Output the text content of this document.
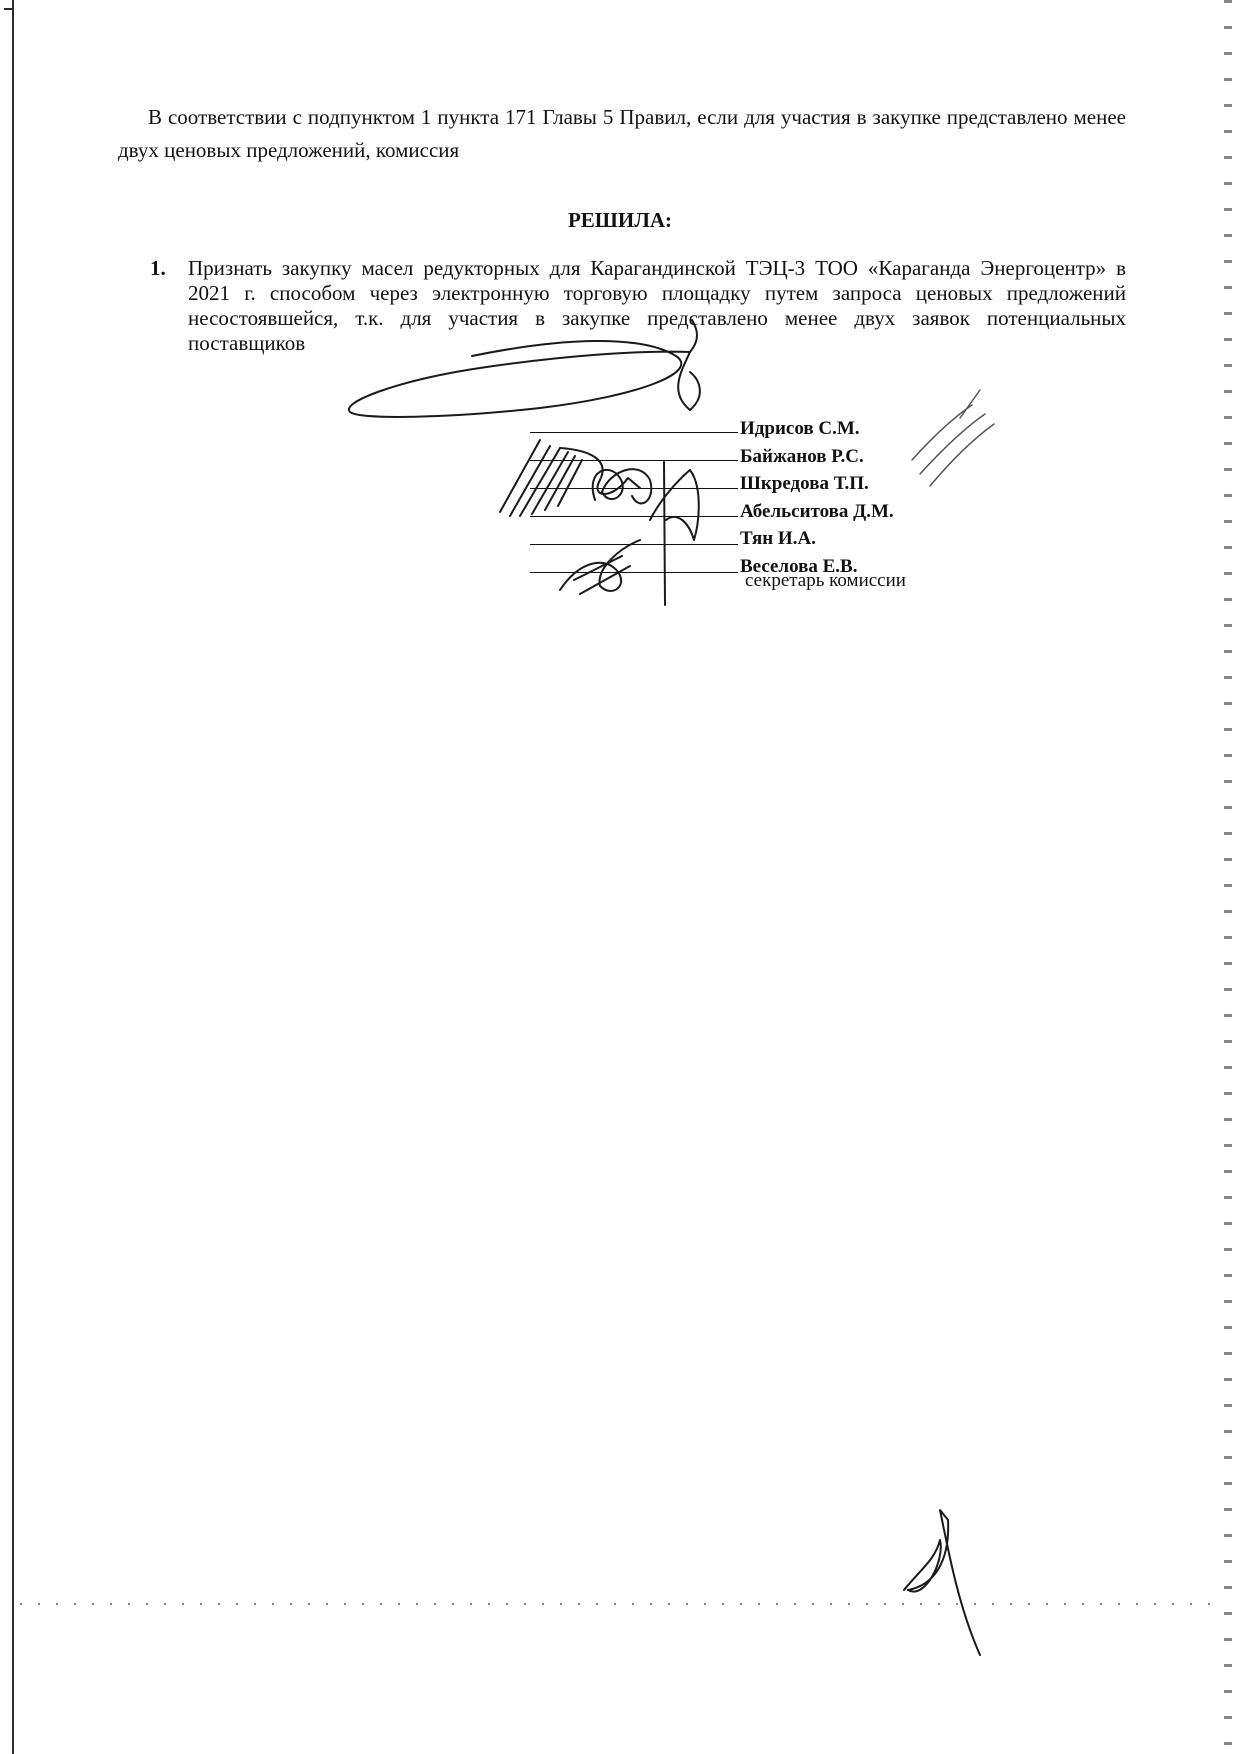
В соответствии с подпунктом 1 пункта 171 Главы 5 Правил, если для участия в закупке представлено менее двух ценовых предложений, комиссия

РЕШИЛА:
1.	Признать закупку масел редукторных для Карагандинской ТЭЦ-3 ТОО «Караганда Энергоцентр» в 2021 г. способом через электронную торговую площадку путем запроса ценовых предложений несостоявшейся, т.к. для участия в закупке представлено менее двух заявок потенциальных поставщиков

Идрисов С.М.
Байжанов Р.С.
Шкредова Т.П.
Абельситова Д.М.
Тян И.А.
Веселова Е.В.
секретарь комиссии
